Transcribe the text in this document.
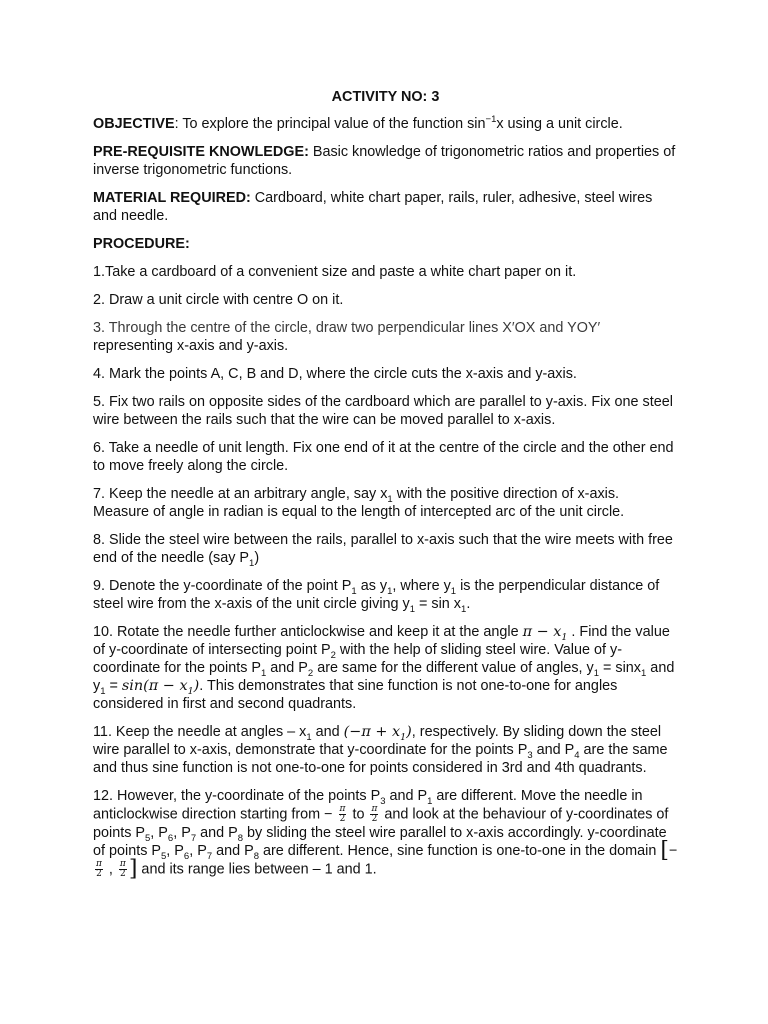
ACTIVITY NO: 3

OBJECTIVE: To explore the principal value of the function $\sin^{-1}x$ using a unit circle.

PRE-REQUISITE KNOWLEDGE: Basic knowledge of trigonometric ratios and properties of inverse trigonometric functions.

MATERIAL REQUIRED: Cardboard, white chart paper, rails, ruler, adhesive, steel wires and needle.

PROCEDURE:

1.Take a cardboard of a convenient size and paste a white chart paper on it.

2. Draw a unit circle with centre O on it.

3. Through the centre of the circle, draw two perpendicular lines X′OX and YOY′
representing x-axis and y-axis.

4. Mark the points A, C, B and D, where the circle cuts the x-axis and y-axis.

5. Fix two rails on opposite sides of the cardboard which are parallel to y-axis. Fix one steel wire between the rails such that the wire can be moved parallel to x-axis.

6. Take a needle of unit length. Fix one end of it at the centre of the circle and the other end to move freely along the circle.

7. Keep the needle at an arbitrary angle, say $x_1$ with the positive direction of x-axis. Measure of angle in radian is equal to the length of intercepted arc of the unit circle.

8. Slide the steel wire between the rails, parallel to x-axis such that the wire meets with free end of the needle (say $P_1$)

9. Denote the y-coordinate of the point $P_1$ as $y_1$, where $y_1$ is the perpendicular distance of steel wire from the x-axis of the unit circle giving $y_1 = \sin x_1$.

10. Rotate the needle further anticlockwise and keep it at the angle $\pi - x_1$ . Find the value of y-coordinate of intersecting point $P_2$ with the help of sliding steel wire. Value of y-coordinate for the points $P_1$ and $P_2$ are same for the different value of angles, $y_1 = \sin x_1$ and $y_1 = \sin(\pi - x_1)$. This demonstrates that sine function is not one-to-one for angles considered in first and second quadrants.

11. Keep the needle at angles – $x_1$ and $(-\pi + x_1)$, respectively. By sliding down the steel wire parallel to x-axis, demonstrate that y-coordinate for the points $P_3$ and $P_4$ are the same and thus sine function is not one-to-one for points considered in 3rd and 4th quadrants.

12. However, the y-coordinate of the points $P_3$ and $P_1$ are different. Move the needle in anticlockwise direction starting from − $\frac{\pi}{2}$ to $\frac{\pi}{2}$ and look at the behaviour of y-coordinates of points $P_5$, $P_6$, $P_7$ and $P_8$ by sliding the steel wire parallel to x-axis accordingly. y-coordinate of points $P_5$, $P_6$, $P_7$ and $P_8$ are different. Hence, sine function is one-to-one in the domain [−
$\frac{\pi}{2}$ , $\frac{\pi}{2}$ ] and its range lies between – 1 and 1.
